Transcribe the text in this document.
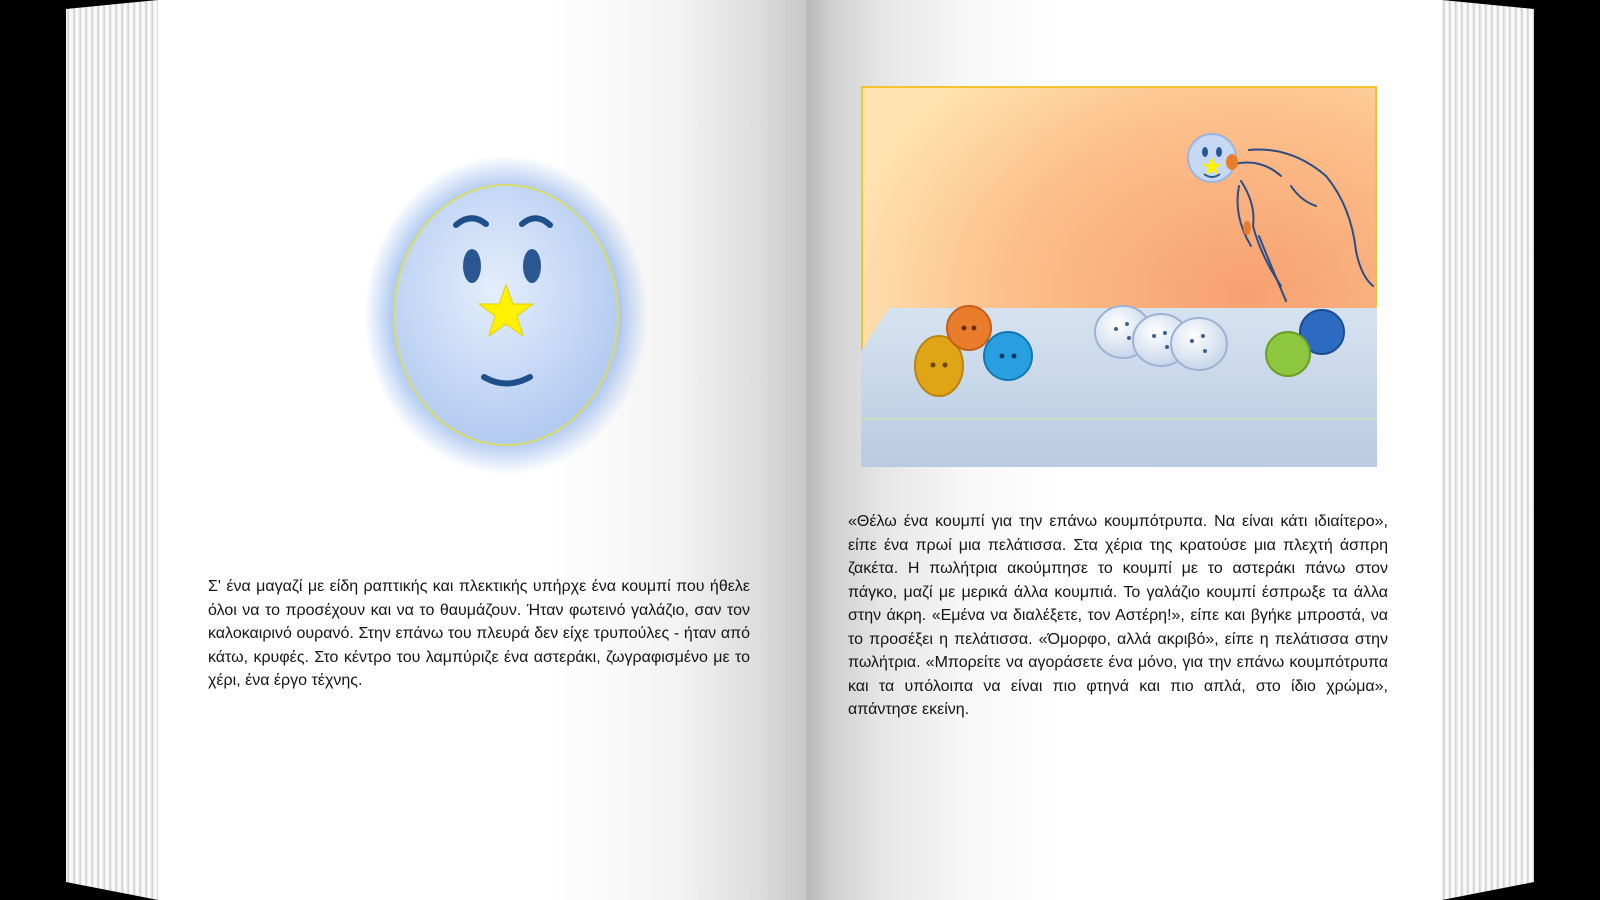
Σ' ένα μαγαζί με είδη ραπτικής και πλεκτικής υπήρχε ένα κουμπί που ήθελε όλοι να το προσέχουν και να το θαυμάζουν. Ήταν φωτεινό γαλάζιο, σαν τον καλοκαιρινό ουρανό. Στην επάνω του πλευρά δεν είχε τρυπούλες - ήταν από κάτω, κρυφές. Στο κέντρο του λαμπύριζε ένα αστεράκι, ζωγραφισμένο με το χέρι, ένα έργο τέχνης.

«Θέλω ένα κουμπί για την επάνω κουμπότρυπα. Να είναι κάτι ιδιαίτερο», είπε ένα πρωί μια πελάτισσα. Στα χέρια της κρατούσε μια πλεχτή άσπρη ζακέτα. Η πωλήτρια ακούμπησε το κουμπί με το αστεράκι πάνω στον πάγκο, μαζί με μερικά άλλα κουμπιά. Το γαλάζιο κουμπί έσπρωξε τα άλλα στην άκρη. «Εμένα να διαλέξετε, τον Αστέρη!», είπε και βγήκε μπροστά, να το προσέξει η πελάτισσα. «Όμορφο, αλλά ακριβό», είπε η πελάτισσα στην πωλήτρια. «Μπορείτε να αγοράσετε ένα μόνο, για την επάνω κουμπότρυπα και τα υπόλοιπα να είναι πιο φτηνά και πιο απλά, στο ίδιο χρώμα», απάντησε εκείνη.
